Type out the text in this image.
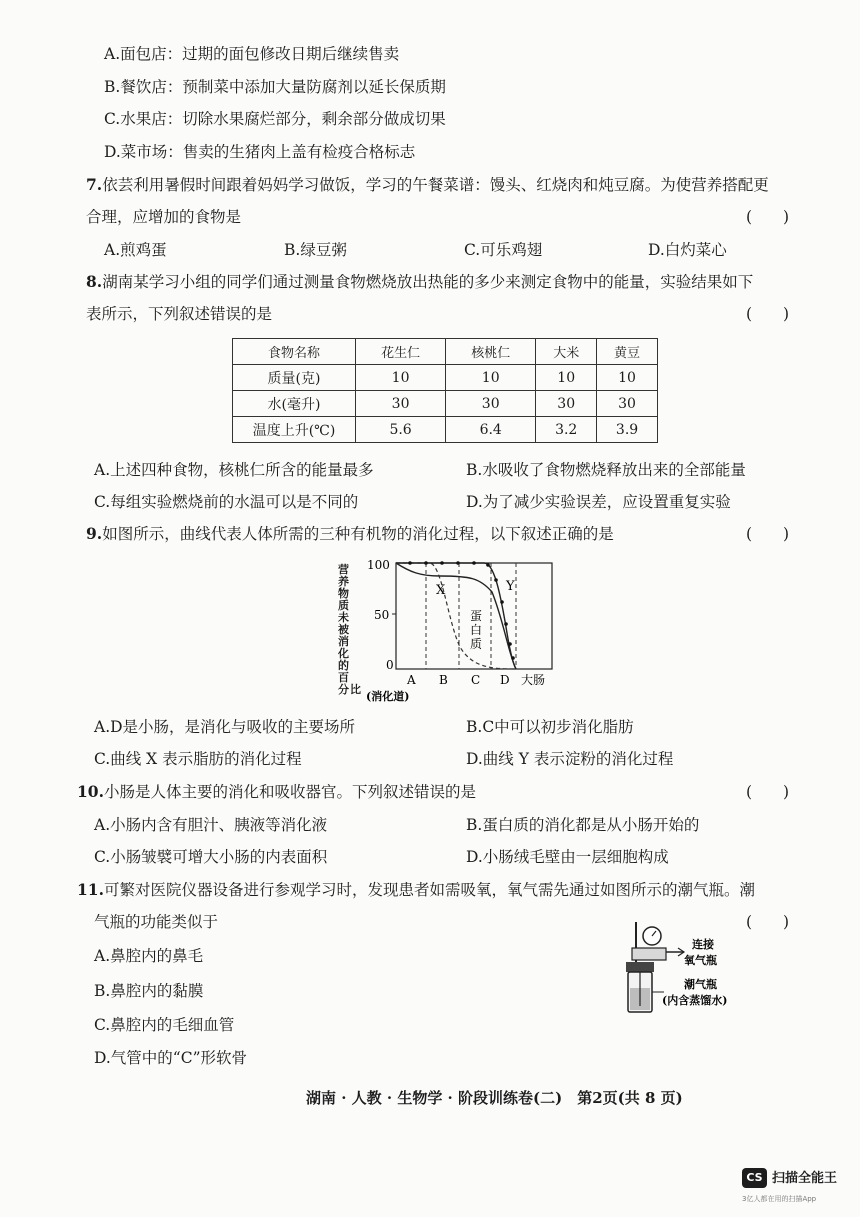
A.面包店：过期的面包修改日期后继续售卖
B.餐饮店：预制菜中添加大量防腐剂以延长保质期
C.水果店：切除水果腐烂部分，剩余部分做成切果
D.菜市场：售卖的生猪肉上盖有检疫合格标志
7.依芸利用暑假时间跟着妈妈学习做饭，学习的午餐菜谱：馒头、红烧肉和炖豆腐。为使营养搭配更
合理，应增加的食物是	(　　)
A.煎鸡蛋	B.绿豆粥	C.可乐鸡翅	D.白灼菜心
8.湖南某学习小组的同学们通过测量食物燃烧放出热能的多少来测定食物中的能量，实验结果如下
表所示，下列叙述错误的是	(　　)
食物名称	花生仁	核桃仁	大米	黄豆
质量(克)	10	10	10	10
水(毫升)	30	30	30	30
温度上升(℃)	5.6	6.4	3.2	3.9
A.上述四种食物，核桃仁所含的能量最多	B.水吸收了食物燃烧释放出来的全部能量
C.每组实验燃烧前的水温可以是不同的	D.为了减少实验误差，应设置重复实验
9.如图所示，曲线代表人体所需的三种有机物的消化过程，以下叙述正确的是	(　　)
营
养
物
质
未
被
消
化
的
百
分 比
100
50
0
X	Y
蛋
白
质
A B C D 大肠
(消化道)
A.D是小肠，是消化与吸收的主要场所	B.C中可以初步消化脂肪
C.曲线 X 表示脂肪的消化过程	D.曲线 Y 表示淀粉的消化过程
10.小肠是人体主要的消化和吸收器官。下列叙述错误的是	(　　)
A.小肠内含有胆汁、胰液等消化液	B.蛋白质的消化都是从小肠开始的
C.小肠皱襞可增大小肠的内表面积	D.小肠绒毛壁由一层细胞构成
11.可繁对医院仪器设备进行参观学习时，发现患者如需吸氧，氧气需先通过如图所示的潮气瓶。潮
气瓶的功能类似于	(　　)
A.鼻腔内的鼻毛
B.鼻腔内的黏膜
C.鼻腔内的毛细血管
D.气管中的“C”形软骨
连接
氧气瓶
潮气瓶
(内含蒸馏水)
湖南 · 人教 · 生物学 · 阶段训练卷(二)　第2页(共 8 页)
CS 扫描全能王
3亿人都在用的扫描App
